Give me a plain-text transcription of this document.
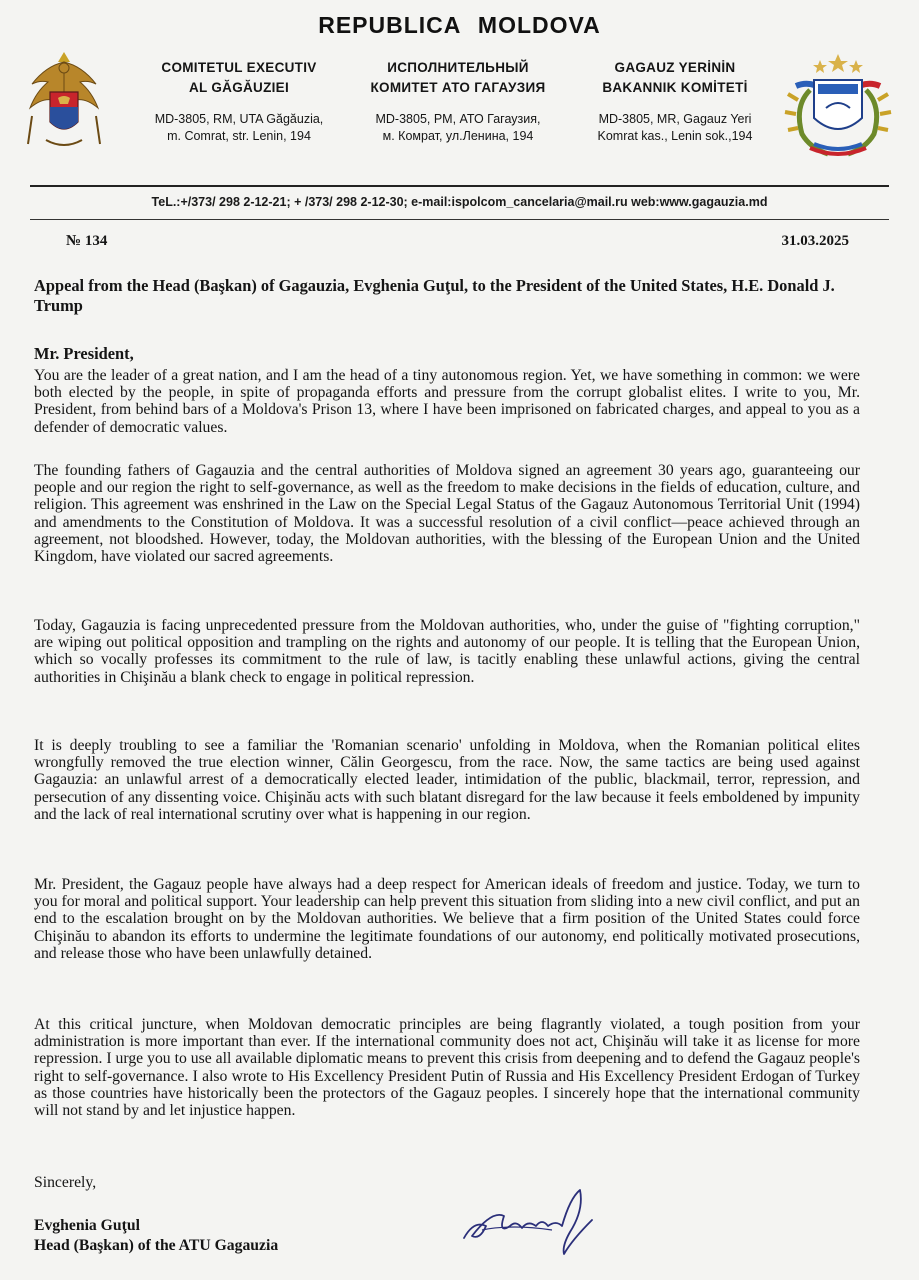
REPUBLICA MOLDOVA
COMITETUL EXECUTIV
AL GĂGĂUZIEI
MD-3805, RM, UTA Găgăuzia,
m. Comrat, str. Lenin, 194
ИСПОЛНИТЕЛЬНЫЙ
КОМИТЕТ АТО ГАГАУЗИЯ
MD-3805, PM, АТО Гагаузия,
м. Комрат, ул.Ленина, 194
GAGAUZ YERİNİN
BAKANNIK KOMİTETİ
MD-3805, MR, Gagauz Yeri
Komrat kas., Lenin sok.,194
TeL.:+/373/ 298 2-12-21; + /373/ 298 2-12-30; e-mail:ispolcom_cancelaria@mail.ru web:www.gagauzia.md
№ 134	31.03.2025
Appeal from the Head (Başkan) of Gagauzia, Evghenia Guţul, to the President of the United States, H.E. Donald J. Trump
Mr. President,
You are the leader of a great nation, and I am the head of a tiny autonomous region. Yet, we have something in common: we were both elected by the people, in spite of propaganda efforts and pressure from the corrupt globalist elites. I write to you, Mr. President, from behind bars of a Moldova's Prison 13, where I have been imprisoned on fabricated charges, and appeal to you as a defender of democratic values.
The founding fathers of Gagauzia and the central authorities of Moldova signed an agreement 30 years ago, guaranteeing our people and our region the right to self-governance, as well as the freedom to make decisions in the fields of education, culture, and religion. This agreement was enshrined in the Law on the Special Legal Status of the Gagauz Autonomous Territorial Unit (1994) and amendments to the Constitution of Moldova. It was a successful resolution of a civil conflict—peace achieved through an agreement, not bloodshed. However, today, the Moldovan authorities, with the blessing of the European Union and the United Kingdom, have violated our sacred agreements.
Today, Gagauzia is facing unprecedented pressure from the Moldovan authorities, who, under the guise of "fighting corruption," are wiping out political opposition and trampling on the rights and autonomy of our people. It is telling that the European Union, which so vocally professes its commitment to the rule of law, is tacitly enabling these unlawful actions, giving the central authorities in Chişinău a blank check to engage in political repression.
It is deeply troubling to see a familiar the 'Romanian scenario' unfolding in Moldova, when the Romanian political elites wrongfully removed the true election winner, Călin Georgescu, from the race. Now, the same tactics are being used against Gagauzia: an unlawful arrest of a democratically elected leader, intimidation of the public, blackmail, terror, repression, and persecution of any dissenting voice. Chişinău acts with such blatant disregard for the law because it feels emboldened by impunity and the lack of real international scrutiny over what is happening in our region.
Mr. President, the Gagauz people have always had a deep respect for American ideals of freedom and justice. Today, we turn to you for moral and political support. Your leadership can help prevent this situation from sliding into a new civil conflict, and put an end to the escalation brought on by the Moldovan authorities. We believe that a firm position of the United States could force Chişinău to abandon its efforts to undermine the legitimate foundations of our autonomy, end politically motivated prosecutions, and release those who have been unlawfully detained.
At this critical juncture, when Moldovan democratic principles are being flagrantly violated, a tough position from your administration is more important than ever. If the international community does not act, Chişinău will take it as license for more repression. I urge you to use all available diplomatic means to prevent this crisis from deepening and to defend the Gagauz people's right to self-governance. I also wrote to His Excellency President Putin of Russia and His Excellency President Erdogan of Turkey as those countries have historically been the protectors of the Gagauz peoples. I sincerely hope that the international community will not stand by and let injustice happen.
Sincerely,
Evghenia Guţul
Head (Başkan) of the ATU Gagauzia
